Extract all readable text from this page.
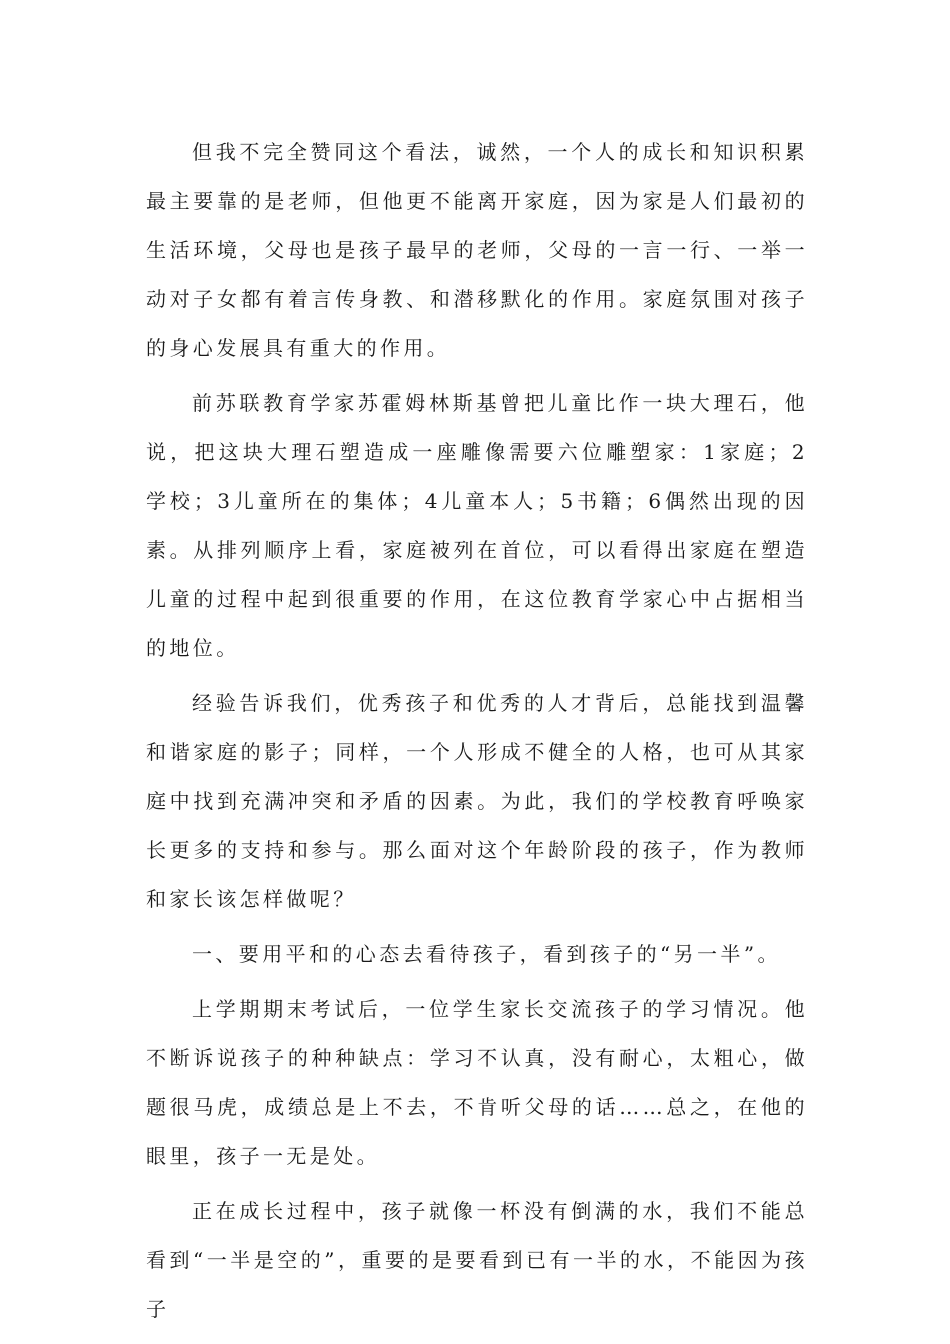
但我不完全赞同这个看法，诚然，一个人的成长和知识积累最主要靠的是老师，但他更不能离开家庭，因为家是人们最初的生活环境，父母也是孩子最早的老师，父母的一言一行、一举一动对子女都有着言传身教、和潜移默化的作用。家庭氛围对孩子的身心发展具有重大的作用。

前苏联教育学家苏霍姆林斯基曾把儿童比作一块大理石，他说，把这块大理石塑造成一座雕像需要六位雕塑家：1家庭；2学校；3儿童所在的集体；4儿童本人；5书籍；6偶然出现的因素。从排列顺序上看，家庭被列在首位，可以看得出家庭在塑造儿童的过程中起到很重要的作用，在这位教育学家心中占据相当的地位。

经验告诉我们，优秀孩子和优秀的人才背后，总能找到温馨和谐家庭的影子；同样，一个人形成不健全的人格，也可从其家庭中找到充满冲突和矛盾的因素。为此，我们的学校教育呼唤家长更多的支持和参与。那么面对这个年龄阶段的孩子，作为教师和家长该怎样做呢？

一、要用平和的心态去看待孩子，看到孩子的“另一半”。

上学期期末考试后，一位学生家长交流孩子的学习情况。他不断诉说孩子的种种缺点：学习不认真，没有耐心，太粗心，做题很马虎，成绩总是上不去，不肯听父母的话……总之，在他的眼里，孩子一无是处。

正在成长过程中，孩子就像一杯没有倒满的水，我们不能总看到“一半是空的”，重要的是要看到已有一半的水，不能因为孩子
